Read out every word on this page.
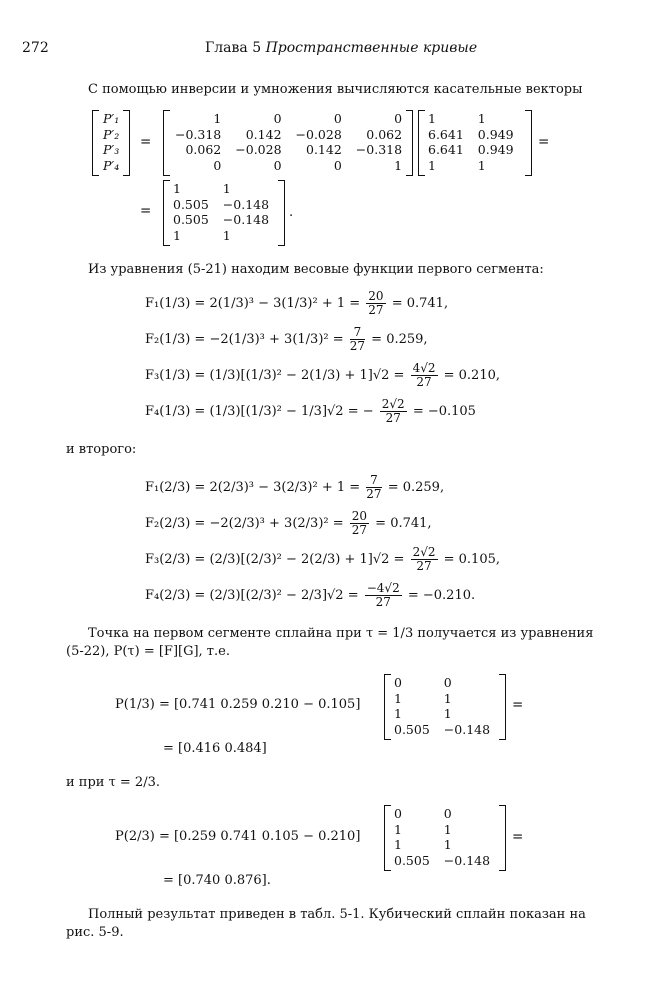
272	Глава 5 Пространственные кривые
С помощью инверсии и умножения вычисляются касательные векторы
P′₁
P′₂
P′₃
P′₄
=
1	0	0	0
−0.318	0.142	−0.028	0.062
0.062	−0.028	0.142	−0.318
0	0	0	1
1	1
6.641	0.949
6.641	0.949
1	1
=
=
1	1
0.505	−0.148
0.505	−0.148
1	1
.
Из уравнения (5-21) находим весовые функции первого сегмента:
$F_1(1/3) = 2(1/3)^3 - 3(1/3)^2 + 1 = \frac{20}{27} = 0.741$,
$F_2(1/3) = -2(1/3)^3 + 3(1/3)^2 = \frac{7}{27} = 0.259$,
$F_3(1/3) = (1/3)[(1/3)^2 - 2(1/3) + 1]√2 = \frac{4√2}{27} = 0.210$,
F₄(1/3) = (1/3)[(1/3)² − 1/3]√2 = − $\frac{2√2}{27} = -0.105$
и второго:
$F_1(2/3) = 2(2/3)^3 - 3(2/3)^2 + 1 = \frac{7}{27} = 0.259$,
$F_2(2/3) = -2(2/3)^3 + 3(2/3)^2 = \frac{20}{27} = 0.741$,
$F_3(2/3) = (2/3)[(2/3)^2 - 2(2/3) + 1]√2 = \frac{2√2}{27} = 0.105$,
$F_4(2/3) = (2/3)[(2/3)^2 - 2/3]√2 = \frac{-4√2}{27} = -0.210$.
Точка на первом сегменте сплайна при τ = 1/3 получается из уравнения
(5-22), P(τ) = [F][G], т.е.
P(1/3) = [0.741 0.259 0.210 − 0.105]
0	0
1	1
1	1
0.505	−0.148
=
= [0.416 0.484]
и при τ = 2/3.
P(2/3) = [0.259 0.741 0.105 − 0.210]
0	0
1	1
1	1
0.505	−0.148
=
= [0.740 0.876].
Полный результат приведен в табл. 5-1. Кубический сплайн показан на
рис. 5-9.
